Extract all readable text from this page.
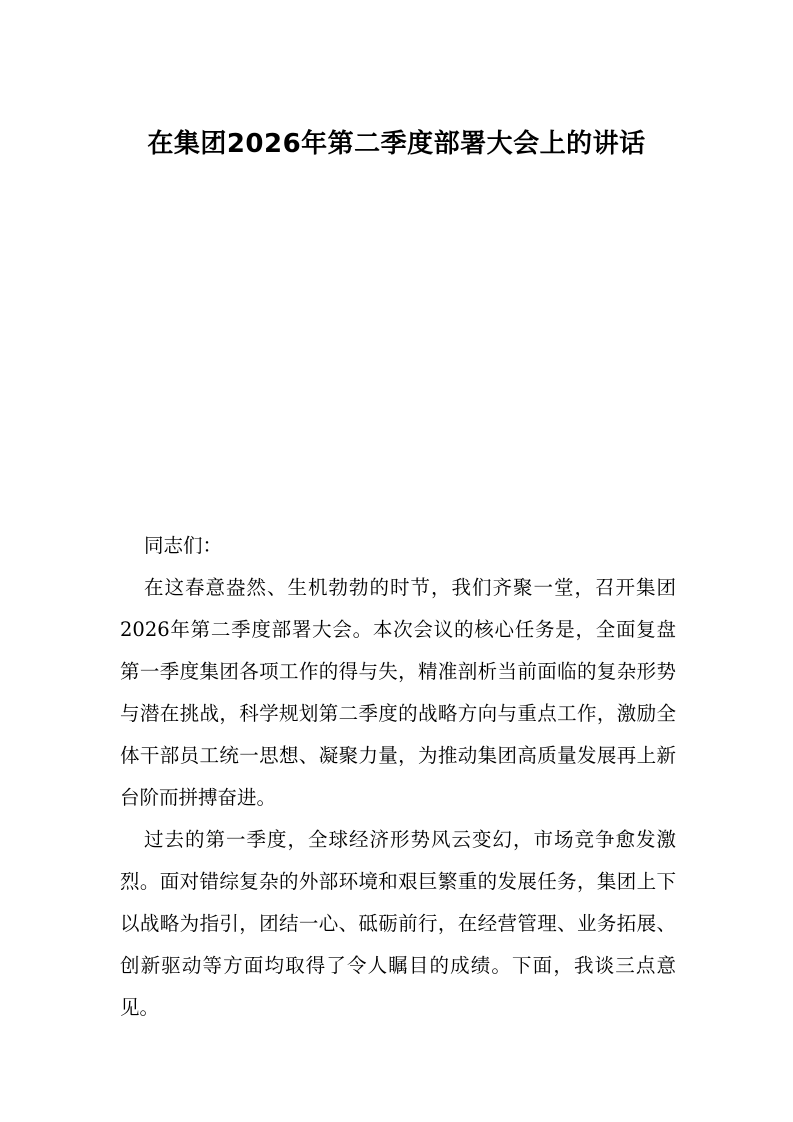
在集团2026年第二季度部署大会上的讲话

同志们：

在这春意盎然、生机勃勃的时节，我们齐聚一堂，召开集团2026年第二季度部署大会。本次会议的核心任务是，全面复盘第一季度集团各项工作的得与失，精准剖析当前面临的复杂形势与潜在挑战，科学规划第二季度的战略方向与重点工作，激励全体干部员工统一思想、凝聚力量，为推动集团高质量发展再上新台阶而拼搏奋进。

过去的第一季度，全球经济形势风云变幻，市场竞争愈发激烈。面对错综复杂的外部环境和艰巨繁重的发展任务，集团上下以战略为指引，团结一心、砥砺前行，在经营管理、业务拓展、创新驱动等方面均取得了令人瞩目的成绩。下面，我谈三点意见。
